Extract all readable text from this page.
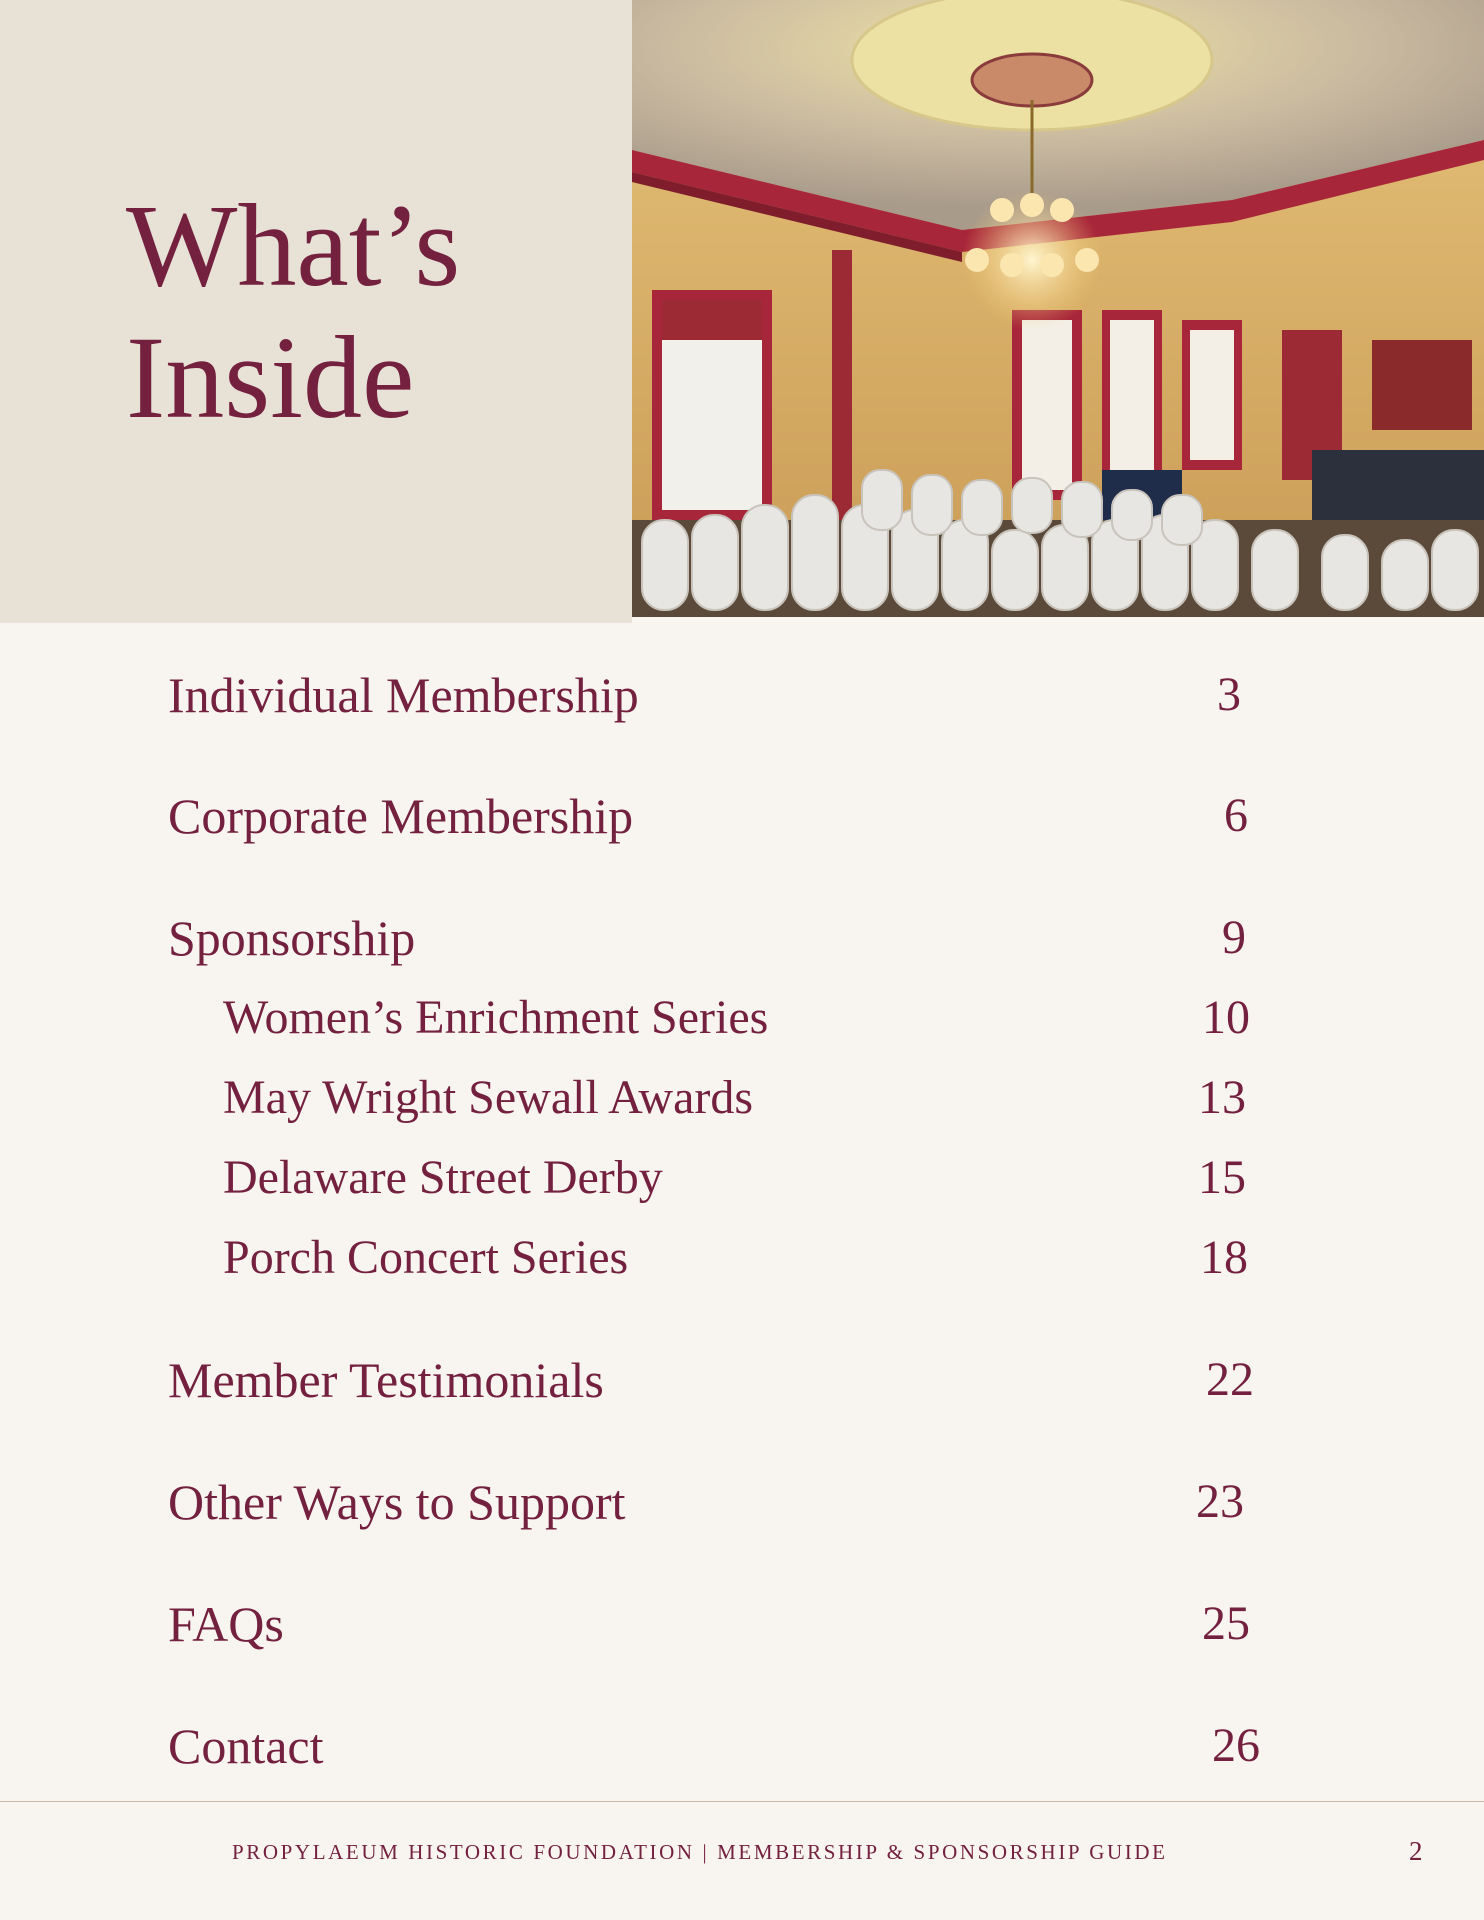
What’s
Inside
Individual Membership	3
Corporate Membership	6
Sponsorship	9
Women’s Enrichment Series	10
May Wright Sewall Awards	13
Delaware Street Derby	15
Porch Concert Series	18
Member Testimonials	22
Other Ways to Support	23
FAQs	25
Contact	26
PROPYLAEUM HISTORIC FOUNDATION | MEMBERSHIP & SPONSORSHIP GUIDE	2
